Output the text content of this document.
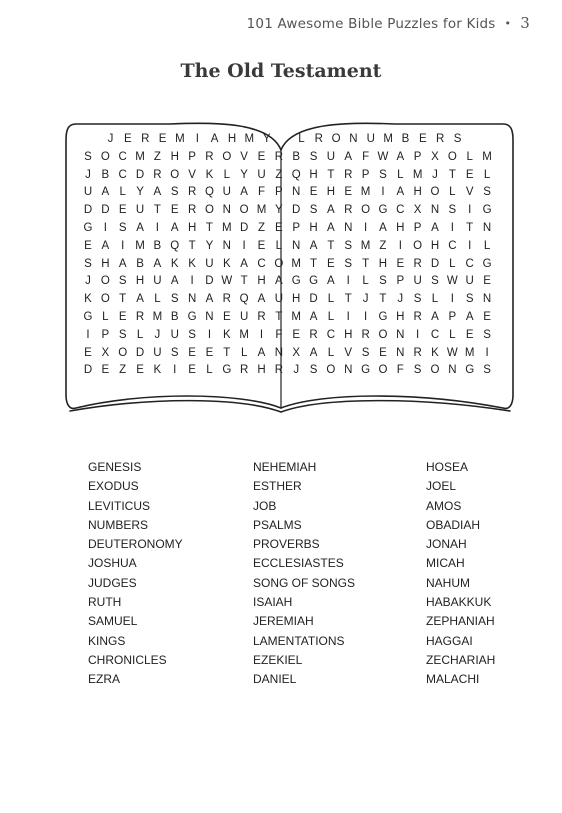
101 Awesome Bible Puzzles for Kids • 3
The Old Testament
J E R E M I	A H M Y L R O N U M B E R S
S O C M Z H P R O V E R B S U A F W A P X O L M
J B C D R O V K L Y U Z Q H T R P S L M J T E L
U A L Y A S R Q U A F P N E H E M I	A H O L V S
D D E U T E R O N O M Y D S A R O G C X N S	I G
G I	S A	I	A H T M D Z E P H A N	I	A H P A	I	T N
E A	I M B Q T Y N	I	E L N A T S M Z	I O H C	I	L
S H A B A K K U K A C O M T E S T H E R D L C G
J O S H U A	I	D W T H A G G A	I	L S P U S W U E
K O T A L S N A R Q A U H D L T J T J S L	I	S N
G L E R M B G N E U R T M A L	I	I G H R A P A E
I	P S L J U S	I	K M I	F E R C H R O N	I	C L E S
E X O D U S E E T L A N X A L V S E N R K W M I
D E Z E K	I	E L G R H R J S O N G O F S O N G S
GENESIS
EXODUS
LEVITICUS
NUMBERS
DEUTERONOMY
JOSHUA
JUDGES
RUTH
SAMUEL
KINGS
CHRONICLES
EZRA
NEHEMIAH
ESTHER
JOB
PSALMS
PROVERBS
ECCLESIASTES
SONG OF SONGS
ISAIAH
JEREMIAH
LAMENTATIONS
EZEKIEL
DANIEL
HOSEA
JOEL
AMOS
OBADIAH
JONAH
MICAH
NAHUM
HABAKKUK
ZEPHANIAH
HAGGAI
ZECHARIAH
MALACHI
